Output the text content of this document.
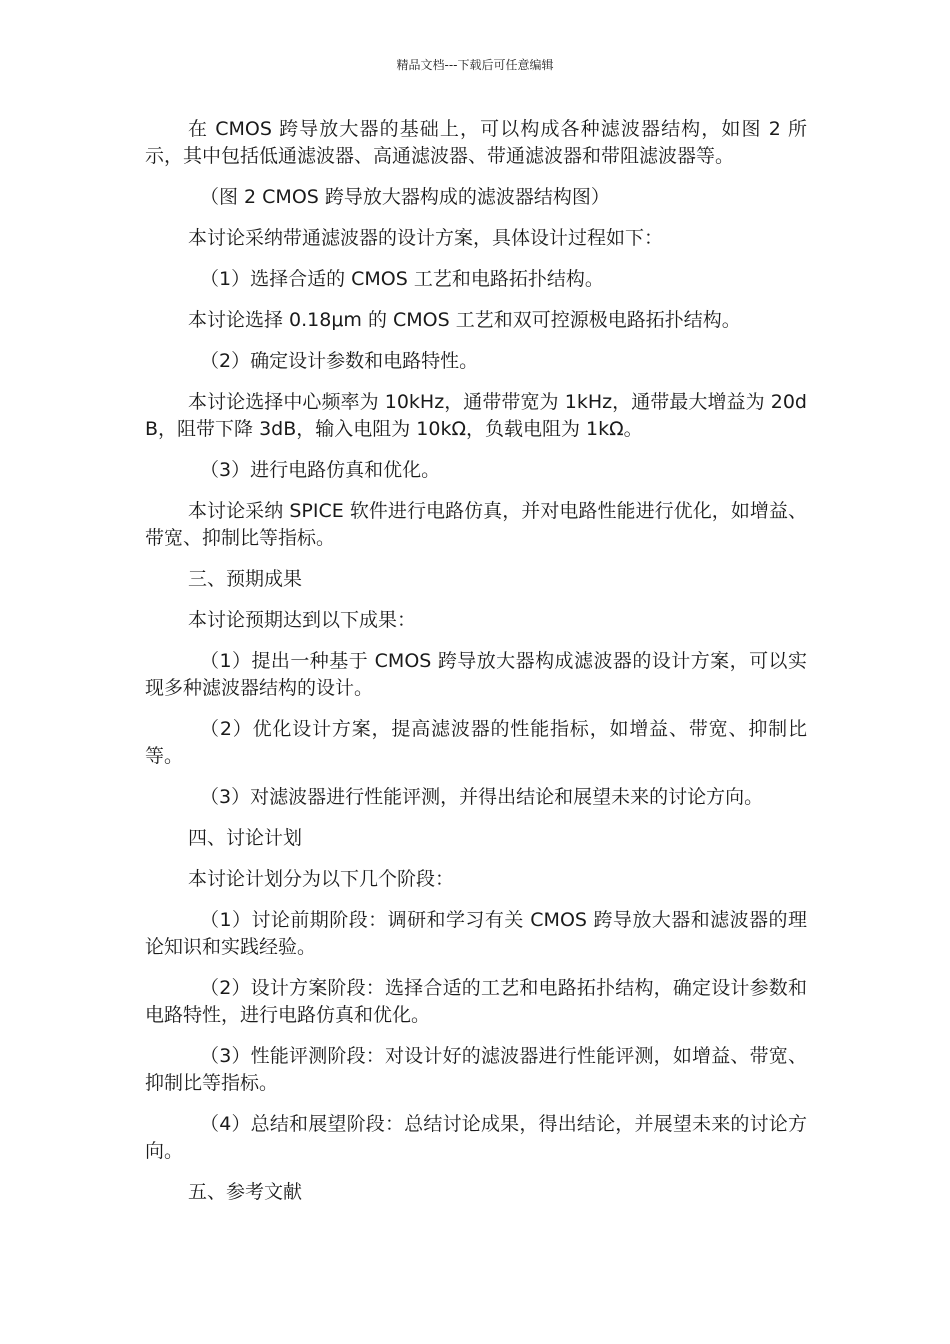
精品文档---下载后可任意编辑

在 CMOS 跨导放大器的基础上，可以构成各种滤波器结构，如图 2 所示，其中包括低通滤波器、高通滤波器、带通滤波器和带阻滤波器等。

（图 2 CMOS 跨导放大器构成的滤波器结构图）

本讨论采纳带通滤波器的设计方案，具体设计过程如下：

（1）选择合适的 CMOS 工艺和电路拓扑结构。

本讨论选择 0.18μm 的 CMOS 工艺和双可控源极电路拓扑结构。

（2）确定设计参数和电路特性。

本讨论选择中心频率为 10kHz，通带带宽为 1kHz，通带最大增益为 20dB，阻带下降 3dB，输入电阻为 10kΩ，负载电阻为 1kΩ。

（3）进行电路仿真和优化。

本讨论采纳 SPICE 软件进行电路仿真，并对电路性能进行优化，如增益、带宽、抑制比等指标。

三、预期成果

本讨论预期达到以下成果：

（1）提出一种基于 CMOS 跨导放大器构成滤波器的设计方案，可以实现多种滤波器结构的设计。

（2）优化设计方案，提高滤波器的性能指标，如增益、带宽、抑制比等。

（3）对滤波器进行性能评测，并得出结论和展望未来的讨论方向。

四、讨论计划

本讨论计划分为以下几个阶段：

（1）讨论前期阶段：调研和学习有关 CMOS 跨导放大器和滤波器的理论知识和实践经验。

（2）设计方案阶段：选择合适的工艺和电路拓扑结构，确定设计参数和电路特性，进行电路仿真和优化。

（3）性能评测阶段：对设计好的滤波器进行性能评测，如增益、带宽、抑制比等指标。

（4）总结和展望阶段：总结讨论成果，得出结论，并展望未来的讨论方向。

五、参考文献
